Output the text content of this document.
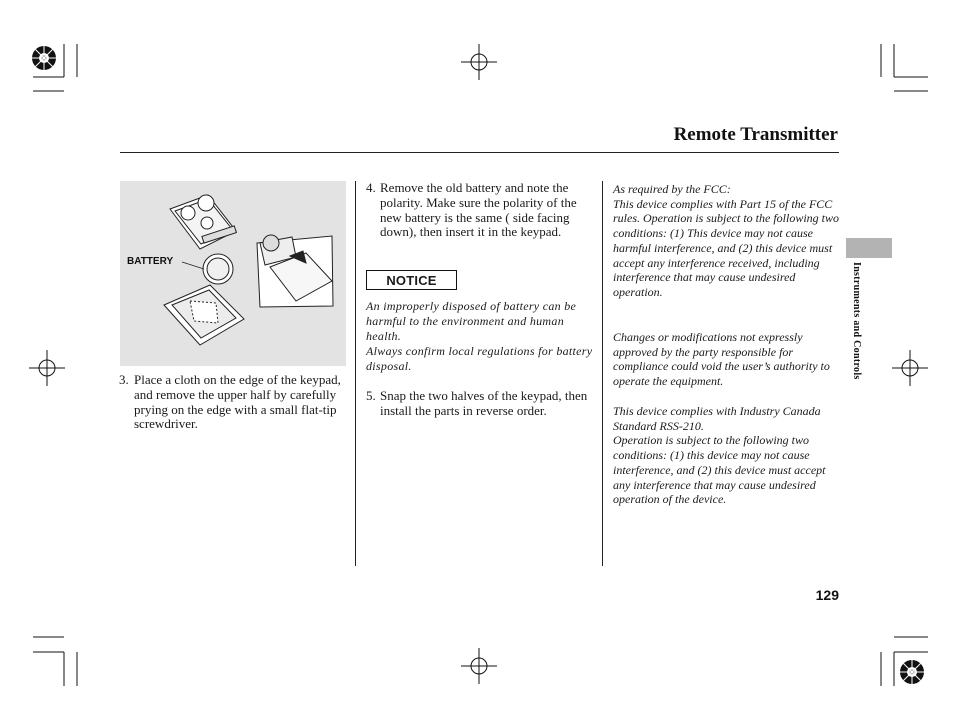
Remote Transmitter
BATTERY
3. Place a cloth on the edge of the keypad, and remove the upper half by carefully prying on the edge with a small flat-tip screwdriver.
4. Remove the old battery and note the polarity. Make sure the polarity of the new battery is the same ( side facing down), then insert it in the keypad.
NOTICE
An improperly disposed of battery can be harmful to the environment and human health.
Always confirm local regulations for battery disposal.
5. Snap the two halves of the keypad, then install the parts in reverse order.
As required by the FCC:
This device complies with Part 15 of the FCC rules. Operation is subject to the following two conditions: (1) This device may not cause harmful interference, and (2) this device must accept any interference received, including interference that may cause undesired operation.
Changes or modifications not expressly approved by the party responsible for compliance could void the user’s authority to operate the equipment.
This device complies with Industry Canada Standard RSS-210.
Operation is subject to the following two conditions: (1) this device may not cause interference, and (2) this device must accept any interference that may cause undesired operation of the device.
Instruments and Controls
129
